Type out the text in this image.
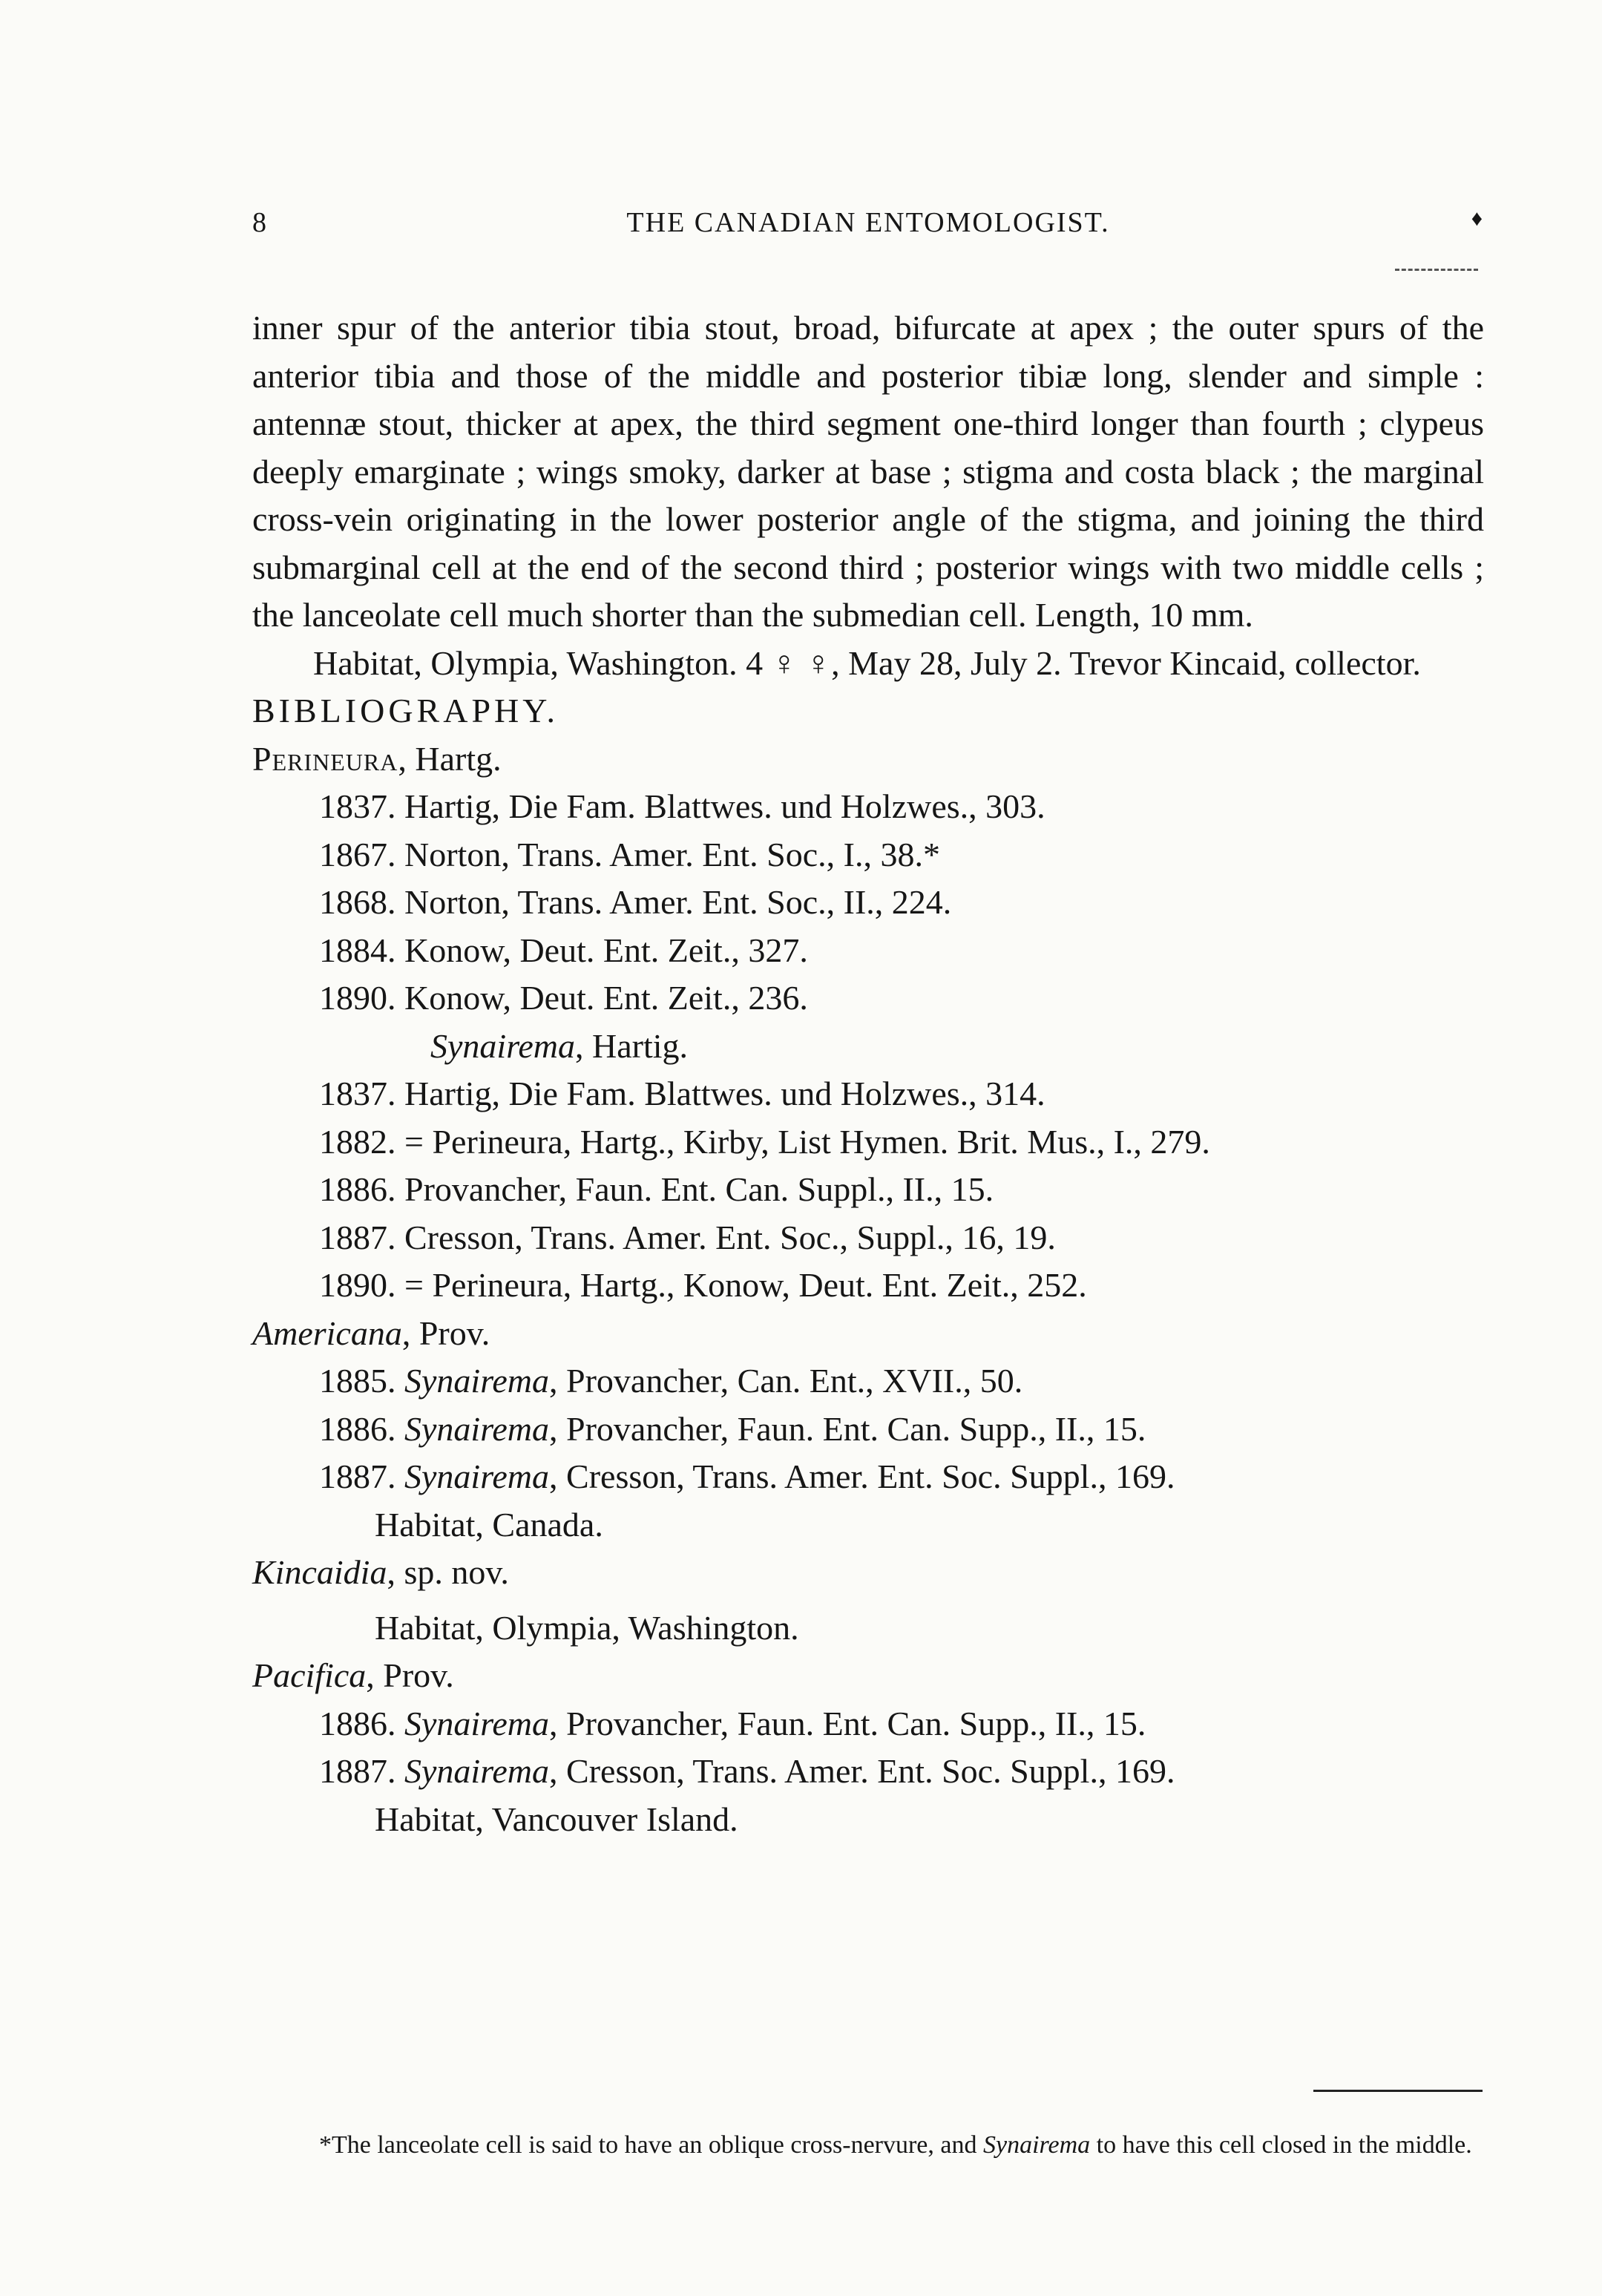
8	THE CANADIAN ENTOMOLOGIST.	♦

inner spur of the anterior tibia stout, broad, bifurcate at apex ; the outer spurs of the anterior tibia and those of the middle and posterior tibiæ long, slender and simple : antennæ stout, thicker at apex, the third segment one-third longer than fourth ; clypeus deeply emarginate ; wings smoky, darker at base ; stigma and costa black ; the marginal cross-vein originating in the lower posterior angle of the stigma, and joining the third submarginal cell at the end of the second third ; posterior wings with two middle cells ; the lanceolate cell much shorter than the submedian cell. Length, 10 mm.

Habitat, Olympia, Washington. 4 ♀ ♀, May 28, July 2. Trevor Kincaid, collector.

BIBLIOGRAPHY.

Perineura, Hartg.

1837. Hartig, Die Fam. Blattwes. und Holzwes., 303.

1867. Norton, Trans. Amer. Ent. Soc., I., 38.*

1868. Norton, Trans. Amer. Ent. Soc., II., 224.

1884. Konow, Deut. Ent. Zeit., 327.

1890. Konow, Deut. Ent. Zeit., 236.

Synairema, Hartig.

1837. Hartig, Die Fam. Blattwes. und Holzwes., 314.

1882. = Perineura, Hartg., Kirby, List Hymen. Brit. Mus., I., 279.

1886. Provancher, Faun. Ent. Can. Suppl., II., 15.

1887. Cresson, Trans. Amer. Ent. Soc., Suppl., 16, 19.

1890. = Perineura, Hartg., Konow, Deut. Ent. Zeit., 252.

Americana, Prov.

1885. Synairema, Provancher, Can. Ent., XVII., 50.

1886. Synairema, Provancher, Faun. Ent. Can. Supp., II., 15.

1887. Synairema, Cresson, Trans. Amer. Ent. Soc. Suppl., 169.

Habitat, Canada.

Kincaidia, sp. nov.

Habitat, Olympia, Washington.

Pacifica, Prov.

1886. Synairema, Provancher, Faun. Ent. Can. Supp., II., 15.

1887. Synairema, Cresson, Trans. Amer. Ent. Soc. Suppl., 169.

Habitat, Vancouver Island.

*The lanceolate cell is said to have an oblique cross-nervure, and Synairema to have this cell closed in the middle.
